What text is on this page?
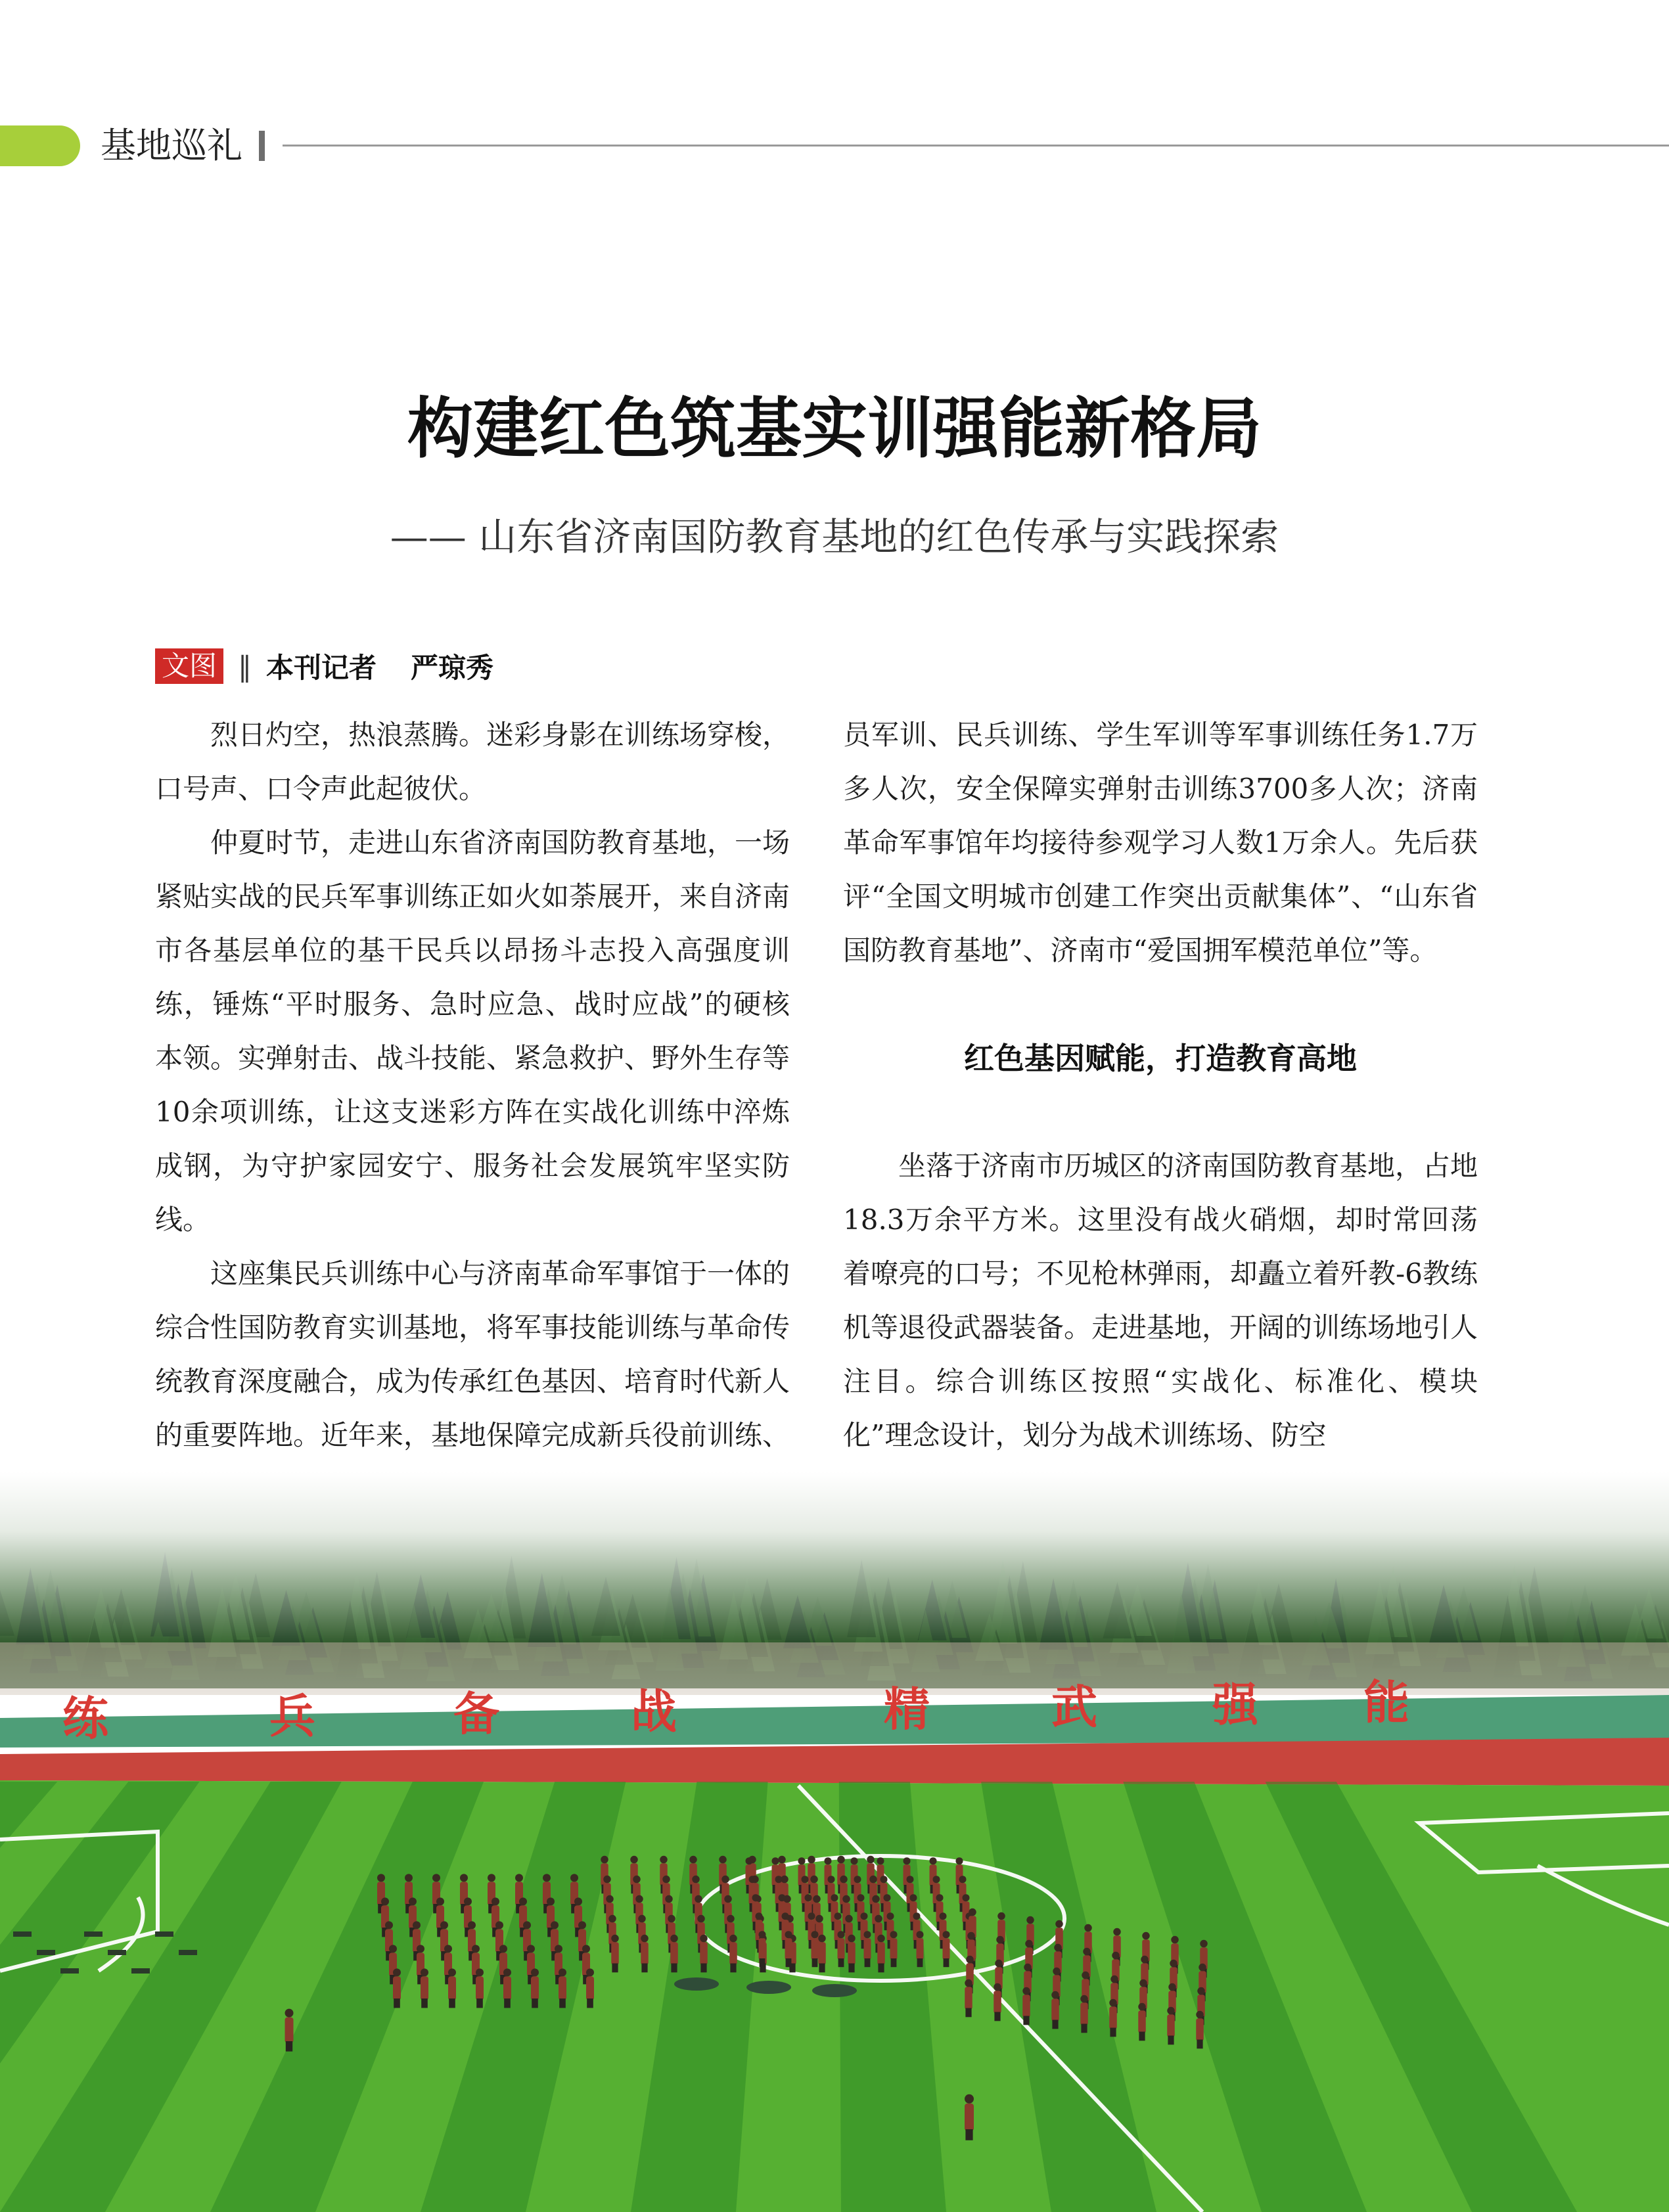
基地巡礼
构建红色筑基实训强能新格局
—— 山东省济南国防教育基地的红色传承与实践探索
文图 ‖ 本刊记者 严琼秀

烈日灼空，热浪蒸腾。迷彩身影在训练场穿梭，口号声、口令声此起彼伏。

仲夏时节，走进山东省济南国防教育基地，一场紧贴实战的民兵军事训练正如火如荼展开，来自济南市各基层单位的基干民兵以昂扬斗志投入高强度训练，锤炼“平时服务、急时应急、战时应战”的硬核本领。实弹射击、战斗技能、紧急救护、野外生存等10余项训练，让这支迷彩方阵在实战化训练中淬炼成钢，为守护家园安宁、服务社会发展筑牢坚实防线。

这座集民兵训练中心与济南革命军事馆于一体的综合性国防教育实训基地，将军事技能训练与革命传统教育深度融合，成为传承红色基因、培育时代新人的重要阵地。近年来，基地保障完成新兵役前训练、

员军训、民兵训练、学生军训等军事训练任务1.7万多人次，安全保障实弹射击训练3700多人次；济南革命军事馆年均接待参观学习人数1万余人。先后获评“全国文明城市创建工作突出贡献集体”、“山东省国防教育基地”、济南市“爱国拥军模范单位”等。

红色基因赋能，打造教育高地

坐落于济南市历城区的济南国防教育基地，占地18.3万余平方米。这里没有战火硝烟，却时常回荡着嘹亮的口号；不见枪林弹雨，却矗立着歼教-6教练机等退役武器装备。走进基地，开阔的训练场地引人注目。综合训练区按照“实战化、标准化、模块化”理念设计，划分为战术训练场、防空

练	兵	备	战	精	武	强 能
